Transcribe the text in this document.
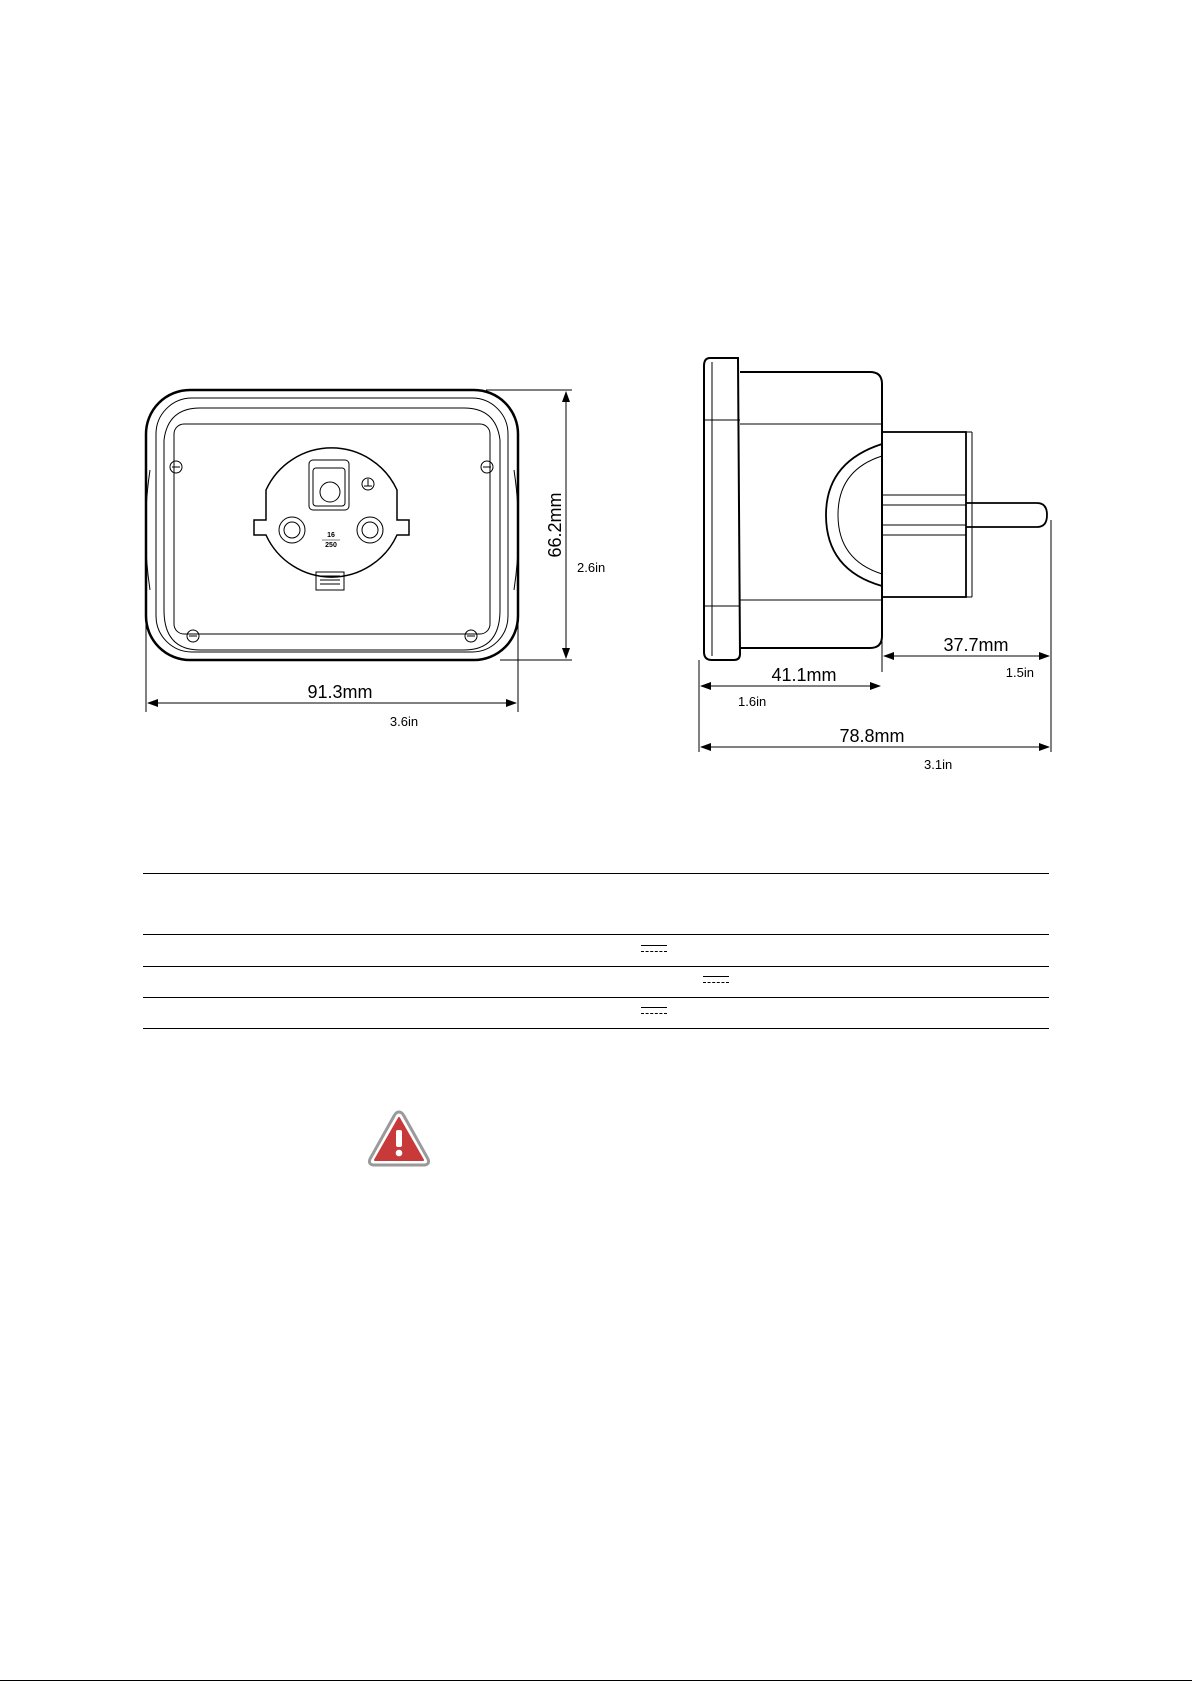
16
250	66.2mm
2.6in
91.3mm
3.6in
37.7mm
1.5in
41.1mm
1.6in
78.8mm
3.1in
